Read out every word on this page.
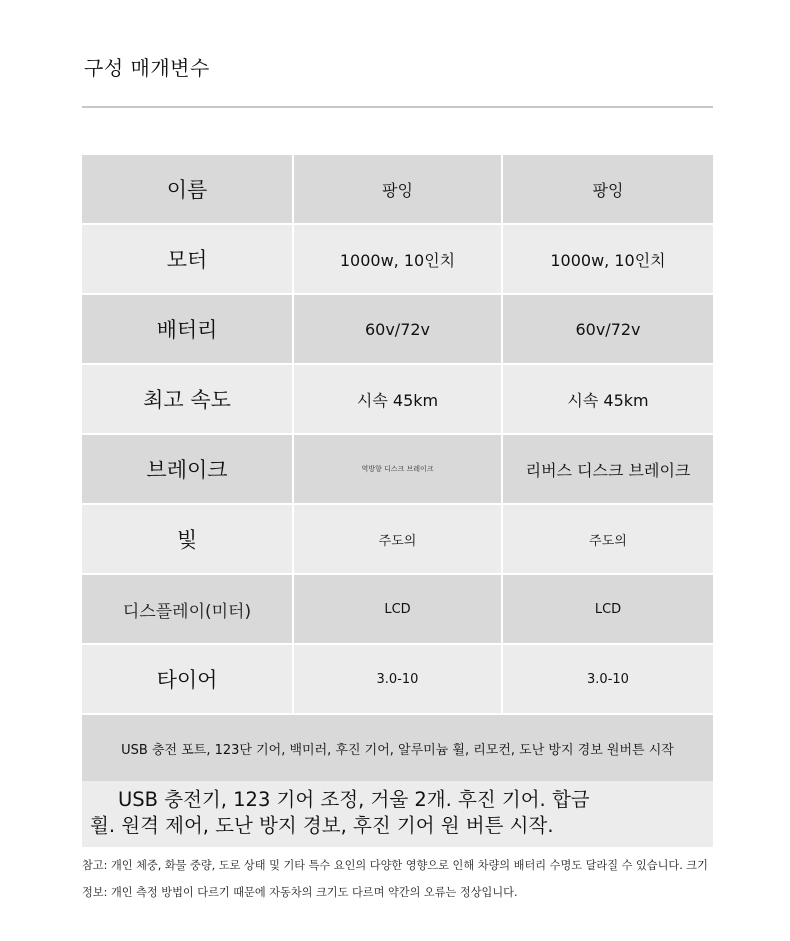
구성 매개변수
이름	팡잉	팡잉
모터	1000w, 10인치	1000w, 10인치
배터리	60v/72v	60v/72v
최고 속도	시속 45km	시속 45km
브레이크	역방향 디스크 브레이크	리버스 디스크 브레이크
빛	주도의	주도의
디스플레이(미터)	LCD	LCD
타이어	3.0-10	3.0-10
USB 충전 포트, 123단 기어, 백미러, 후진 기어, 알루미늄 휠, 리모컨, 도난 방지 경보 원버튼 시작
USB 충전기, 123 기어 조정, 거울 2개. 후진 기어. 합금
휠. 원격 제어, 도난 방지 경보, 후진 기어 원 버튼 시작.
참고: 개인 체중, 화물 중량, 도로 상태 및 기타 특수 요인의 다양한 영향으로 인해 차량의 배터리 수명도 달라질 수 있습니다. 크기 정보: 개인 측정 방법이 다르기 때문에 자동차의 크기도 다르며 약간의 오류는 정상입니다.
